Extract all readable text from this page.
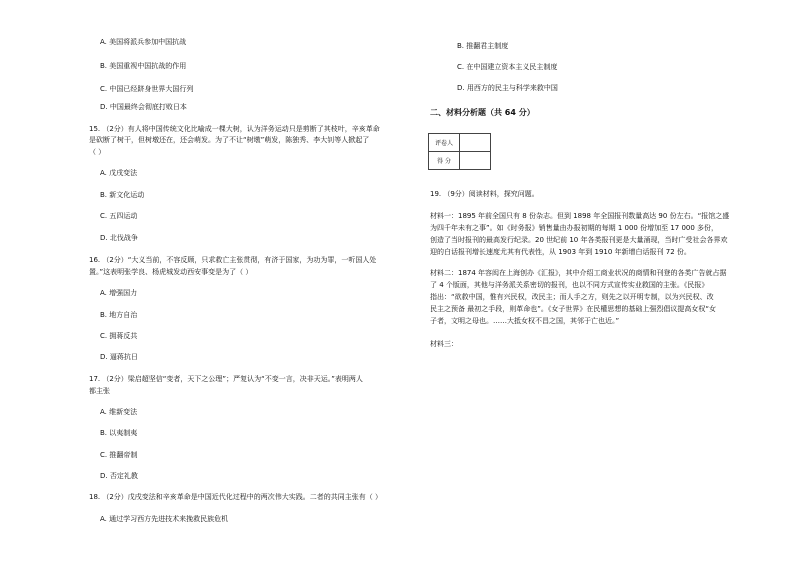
A. 美国将派兵参加中国抗战
B. 美国重视中国抗战的作用
C. 中国已经跻身世界大国行列
D. 中国最终会彻底打败日本
15. （2分）有人将中国传统文化比喻成一棵大树，认为洋务运动只是剪断了其枝叶，辛亥革命
是砍断了树干，但树墩还在，还会萌发。为了不让“树墩”萌发，陈独秀、李大钊等人掀起了
（ ）
A. 戊戌变法
B. 新文化运动
C. 五四运动
D. 北伐战争
16. （2分）“大义当前，不容反顾，只求救亡主张贯彻，有济于国家，为功为罪，一听国人处
置。”这表明张学良、杨虎城发动西安事变是为了（ ）
A. 增强国力
B. 地方自治
C. 拥蒋反共
D. 逼蒋抗日
17. （2分）梁启超坚信“变者，天下之公理”；严复认为“不变一言，决非天运。”表明两人
都主张
A. 维新变法
B. 以夷制夷
C. 推翻帝制
D. 否定礼教
18. （2分）戊戌变法和辛亥革命是中国近代化过程中的两次伟大实践。二者的共同主张有（ ）
A. 通过学习西方先进技术来挽救民族危机
B. 推翻君主制度
C. 在中国建立资本主义民主制度
D. 用西方的民主与科学来救中国
二、材料分析题（共 64 分）
评卷人	
得 分	
19. （9分）阅读材料，探究问题。
材料一：1895 年前全国只有 8 份杂志。但到 1898 年全国报刊数量高达 90 份左右。“报馆之盛
为四千年未有之事”。如《时务报》销售量由办报初期的每期 1 000 份增加至 17 000 多份，
创造了当时报刊的最高发行纪录。20 世纪前 10 年各类报刊更是大量涌现，当时广受社会各界欢
迎的白话报刊增长速度尤其有代表性，从 1903 年到 1910 年新增白话报刊 72 份。
材料二：1874 年容闳在上海创办《汇报》，其中介绍工商业状况的商情和刊登的各类广告就占据
了 4 个版面，其他与洋务派关系密切的报刊，也以不同方式宣传实业救国的主张。《民报》
指出：“欲救中国，惟有兴民权，改民主；而人手之方，则先之以开明专制，以为兴民权、改
民主之预备 最初之手段，则革命也”。《女子世界》在民權思想的基础上强烈倡议提高女权“女
子者，文明之母也。……大抵女权不昌之国，其邻于亡也近。”
材料三：
